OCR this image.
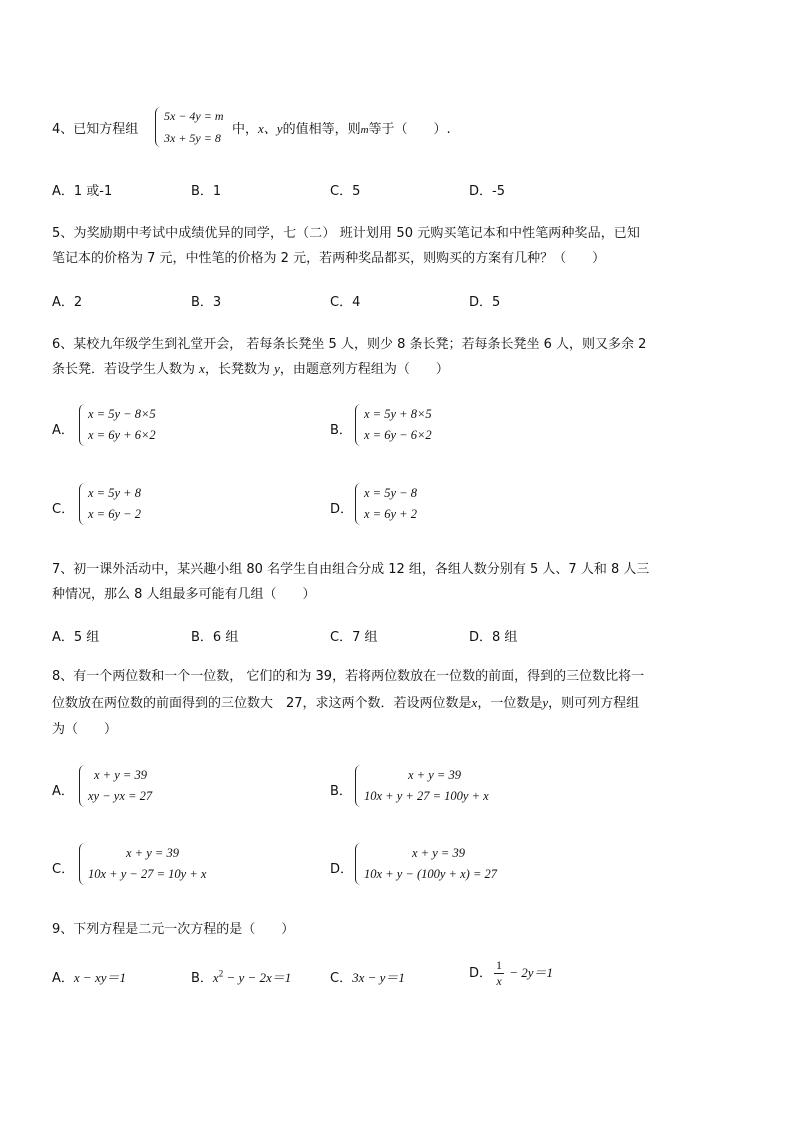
4、已知方程组
5x − 4y = m
3x + 5y = 8
中，x、y的值相等，则m等于（　　）.
A．1 或-1	B．1	C．5	D．-5
5、为奖励期中考试中成绩优异的同学，七（二） 班计划用 50 元购买笔记本和中性笔两种奖品，已知
笔记本的价格为 7 元，中性笔的价格为 2 元，若两种奖品都买，则购买的方案有几种？（　　）
A．2	B．3	C．4	D．5
6、某校九年级学生到礼堂开会， 若每条长凳坐 5 人，则少 8 条长凳；若每条长凳坐 6 人，则又多余 2
条长凳．若设学生人数为 x，长凳数为 y，由题意列方程组为（　　）
A．
x = 5y − 8×5
x = 6y + 6×2	B．
x = 5y + 8×5
x = 6y − 6×2
C．
x = 5y + 8
x = 6y − 2	D．
x = 5y − 8
x = 6y + 2
7、初一课外活动中，某兴趣小组 80 名学生自由组合分成 12 组，各组人数分别有 5 人、7 人和 8 人三
种情况，那么 8 人组最多可能有几组（　　）
A．5 组	B．6 组	C．7 组	D．8 组
8、有一个两位数和一个一位数， 它们的和为 39，若将两位数放在一位数的前面，得到的三位数比将一
位数放在两位数的前面得到的三位数大　27，求这两个数．若设两位数是x，一位数是y，则可列方程组
为（　　）
A．
x + y = 39
xy − yx = 27	B．
x + y = 39
10x + y + 27 = 100y + x
C．
x + y = 39
10x + y − 27 = 10y + x	D．
x + y = 39
10x + y − (100y + x) = 27
9、下列方程是二元一次方程的是（　　）
A．x − xy＝1	B．$x^2 - y - 2x=1$	C．3x − y＝1	D． $\frac{1}{x} - 2y=1$
